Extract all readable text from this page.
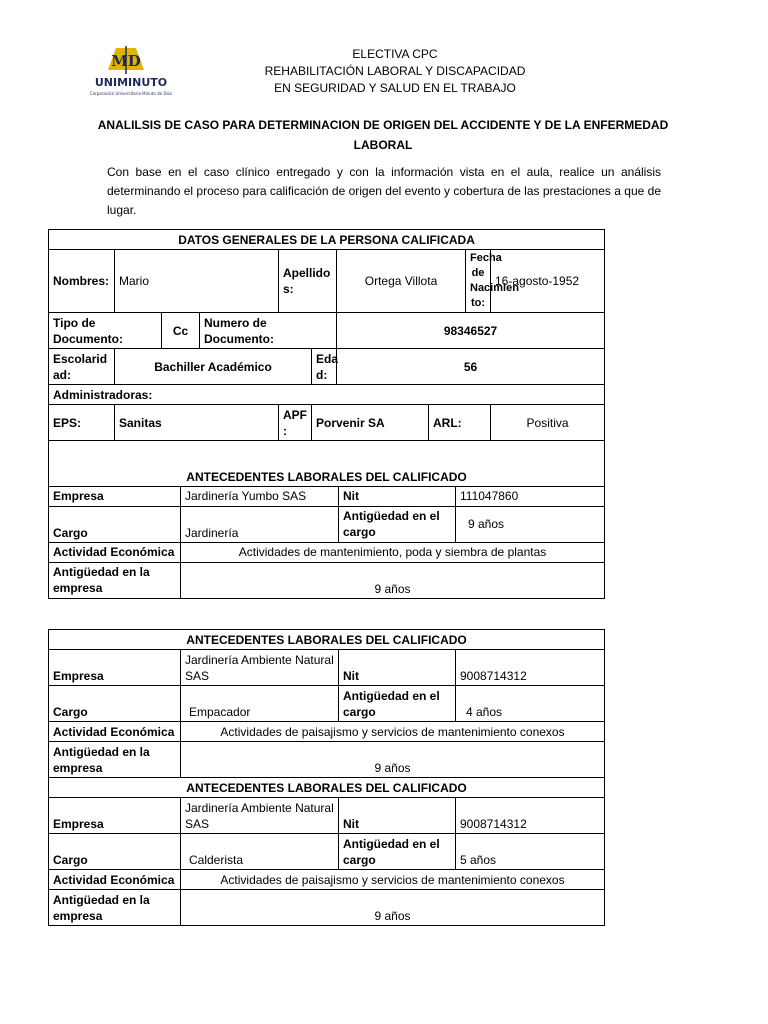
MD
UNIMINUTO
Corporación Universitaria Minuto de Dios
ELECTIVA CPC
REHABILITACIÓN LABORAL Y DISCAPACIDAD
EN SEGURIDAD Y SALUD EN EL TRABAJO
ANALILSIS DE CASO PARA DETERMINACION DE ORIGEN DEL ACCIDENTE Y DE LA ENFERMEDAD
LABORAL
Con base en el caso clínico entregado y con la información vista en el aula, realice un análisis determinando el proceso para calificación de origen del evento y cobertura de las prestaciones a que de lugar.
DATOS GENERALES DE LA PERSONA CALIFICADA									
Nombres:	Mario			Apellido s:		Ortega Villota		Fecha de Nacimien to:	16-agosto-1952
Tipo de Documento:		Cc	Numero de Documento:			98346527			
Escolarid ad:	Bachiller Académico				Eda d:	56			
Administradoras:									
EPS:	Sanitas			APF :	Porvenir SA		ARL:		Positiva
ANTECEDENTES LABORALES DEL CALIFICADO			
Empresa	Jardinería Yumbo SAS	Nit	111047860
Cargo	Jardinería	Antigüedad en el cargo	9 años
Actividad Económica	Actividades de mantenimiento, poda y siembra de plantas		
Antigüedad en la empresa	9 años		
ANTECEDENTES LABORALES DEL CALIFICADO			
Empresa	Jardinería Ambiente Natural SAS	Nit	9008714312
Cargo	Empacador	Antigüedad en el cargo	4 años
Actividad Económica	Actividades de paisajismo y servicios de mantenimiento conexos		
Antigüedad en la empresa	9 años		
ANTECEDENTES LABORALES DEL CALIFICADO			
Empresa	Jardinería Ambiente Natural SAS	Nit	9008714312
Cargo	Calderista	Antigüedad en el cargo	5 años
Actividad Económica	Actividades de paisajismo y servicios de mantenimiento conexos		
Antigüedad en la empresa	9 años		
